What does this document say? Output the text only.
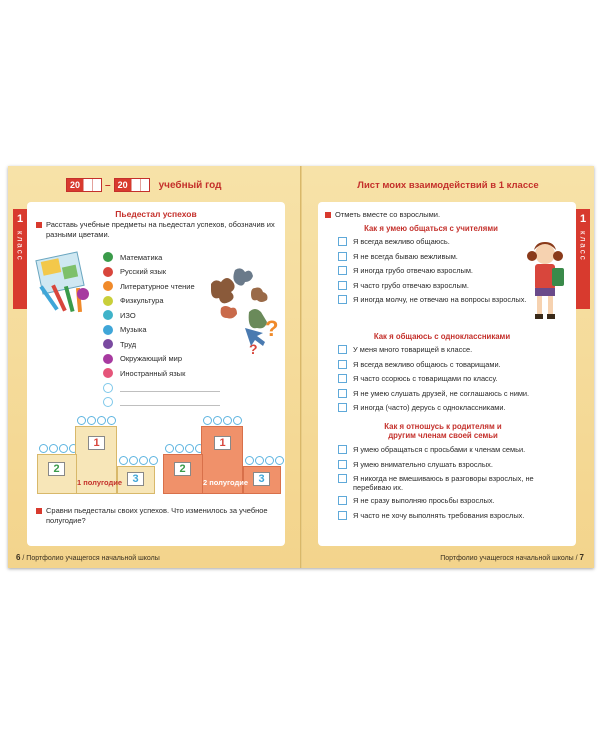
20	– 20	учебный год
1
класс
Пьедестал успехов
Расставь учебные предметы на пьедестал успехов, обозначив их разными цветами.
Математика
Русский язык
Литературное чтение
Физкультура
ИЗО
Музыка
Труд
Окружающий мир
Иностранный язык
?
?
1
2
3
1 полугодие
1
2
3
2 полугодие
Сравни пьедесталы своих успехов. Что изменилось за учебное полугодие?
6 / Портфолио учащегося начальной школы
Лист моих взаимодействий в 1 классе
1
класс
Отметь вместе со взрослыми.
Как я умею общаться с учителями
Я всегда вежливо общаюсь.
Я не всегда бываю вежливым.
Я иногда грубо отвечаю взрослым.
Я часто грубо отвечаю взрослым.
Я иногда молчу, не отвечаю на вопросы взрослых.
Как я общаюсь с одноклассниками
У меня много товарищей в классе.
Я всегда вежливо общаюсь с товарищами.
Я часто ссорюсь с товарищами по классу.
Я не умею слушать друзей, не соглашаюсь с ними.
Я иногда (часто) дерусь с одноклассниками.
Как я отношусь к родителям и другим членам своей семьи
Я умею обращаться с просьбами к членам семьи.
Я умею внимательно слушать взрослых.
Я никогда не вмешиваюсь в разговоры взрослых, не перебиваю их.
Я не сразу выполняю просьбы взрослых.
Я часто не хочу выполнять требования взрослых.
Портфолио учащегося начальной школы / 7
